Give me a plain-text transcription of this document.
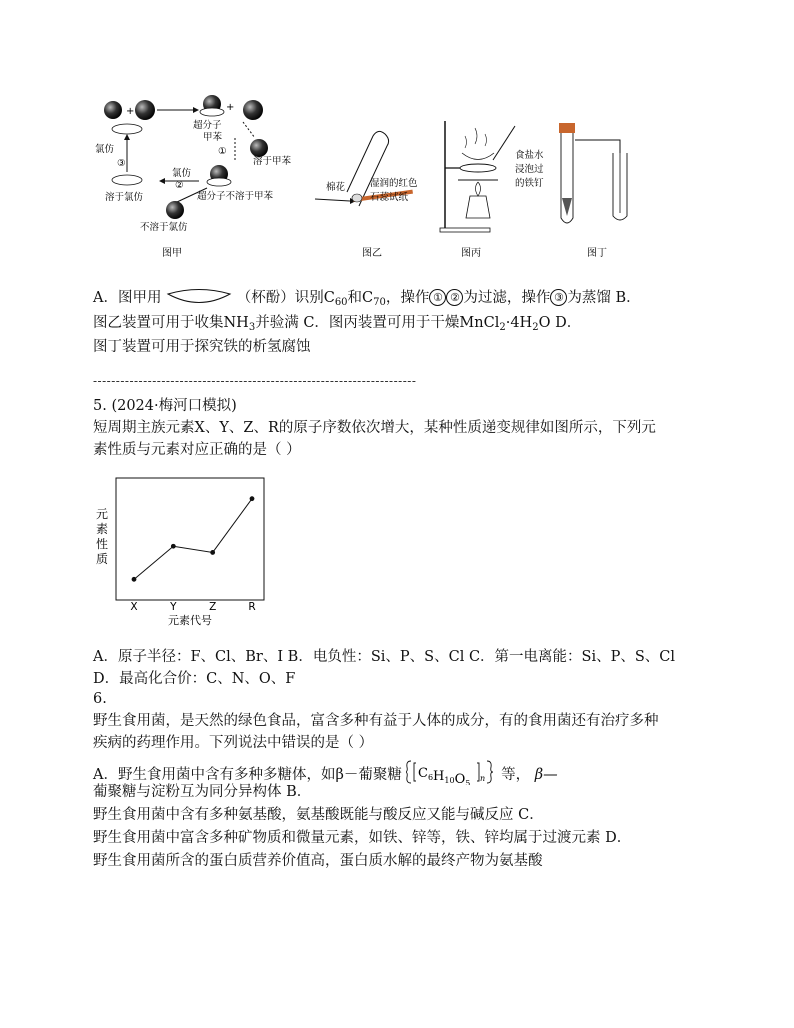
+	+
超分子
甲苯
①
溶于甲苯
超分子不溶于甲苯
氯仿
②
溶于氯仿
不溶于氯仿
氯仿
③
图甲
棉花	湿润的红色
石蕊试纸
图乙	图丙
食盐水
浸泡过
的铁钉
图丁
A．图甲用	（杯酚）识别$C_{60}$和$C_{70}$，操作 ① ② 为过滤，操作 ③ 为蒸馏 B．
图乙装置可用于收集$NH_3$并验满 C．图丙装置可用于干燥$MnCl_2\cdot 4H_2O$ D．
图丁装置可用于探究铁的析氢腐蚀
-----------------------------------------------------------------------
5. (2024·梅河口模拟)
短周期主族元素X、Y、Z、R的原子序数依次增大，某种性质递变规律如图所示，下列元
素性质与元素对应正确的是（ ）
元
素
性
质
X	Y	Z	R
元素代号
A．原子半径：F、Cl、Br、I B．电负性：Si、P、S、Cl C．第一电离能：Si、P、S、Cl
D．最高化合价：C、N、O、F
6.
野生食用菌，是天然的绿色食品，富含多种有益于人体的成分，有的食用菌还有治疗多种
疾病的药理作用。下列说法中错误的是（ ）
A．野生食用菌中含有多种多糖体，如β－葡聚糖 $C_6H_{10}O_5$
n 等， β—
葡聚糖与淀粉互为同分异构体 B．
野生食用菌中含有多种氨基酸，氨基酸既能与酸反应又能与碱反应 C．
野生食用菌中富含多种矿物质和微量元素，如铁、锌等，铁、锌均属于过渡元素 D．
野生食用菌所含的蛋白质营养价值高，蛋白质水解的最终产物为氨基酸
